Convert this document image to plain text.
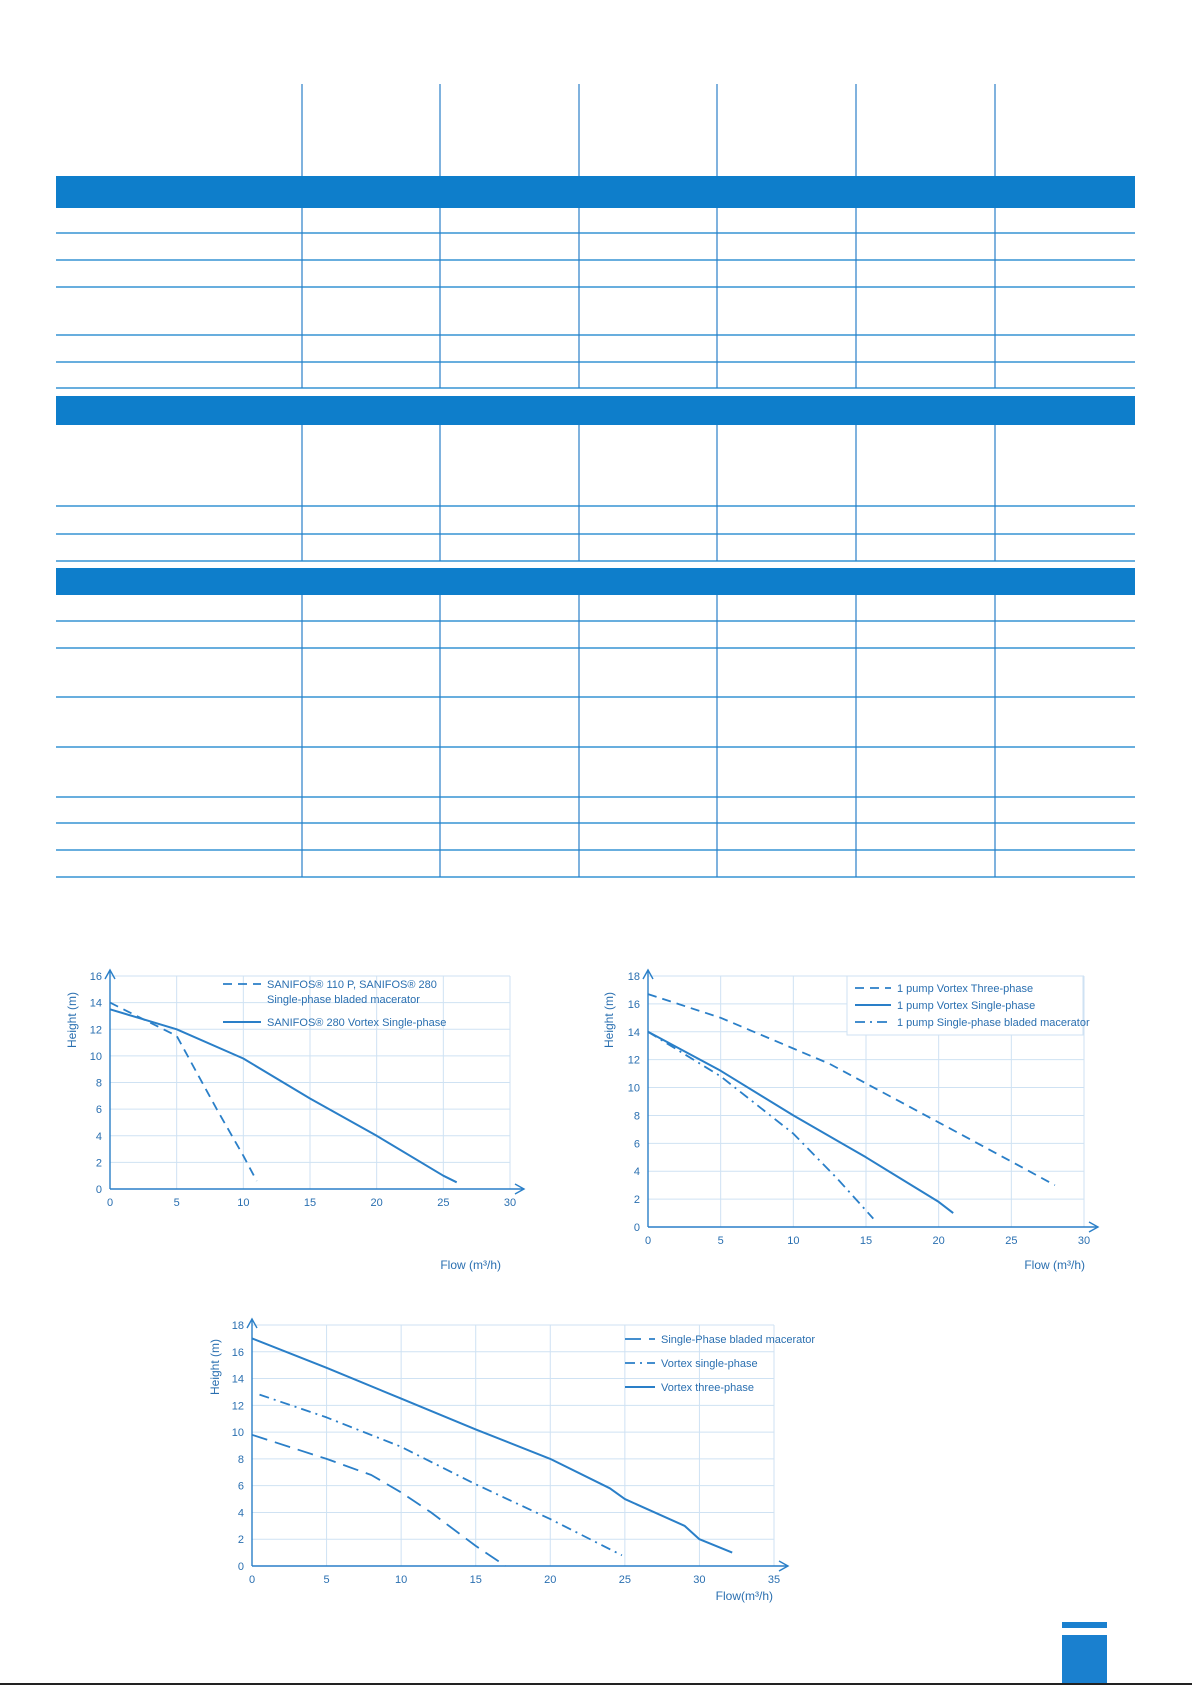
0	5	10	15	20	25	30
0
2
4
6
8
10
12
14
16
Flow (m³/h)
Height (m)
SANIFOS® 110 P, SANIFOS® 280 Single-phase bladed macerator
SANIFOS® 280 Vortex Single-phase
0	5	10	15	20	25	30
0
2
4
6
8
10
12
14
16
18
Flow (m³/h)
Height (m)
1 pump Vortex Three-phase
1 pump Vortex Single-phase
1 pump Single-phase bladed macerator
0	5	10	15	20	25	30	35
0
2
4
6
8
10
12
14
16
18
Flow(m³/h)
Height (m)	Single-Phase bladed macerator
Vortex single-phase
Vortex three-phase
